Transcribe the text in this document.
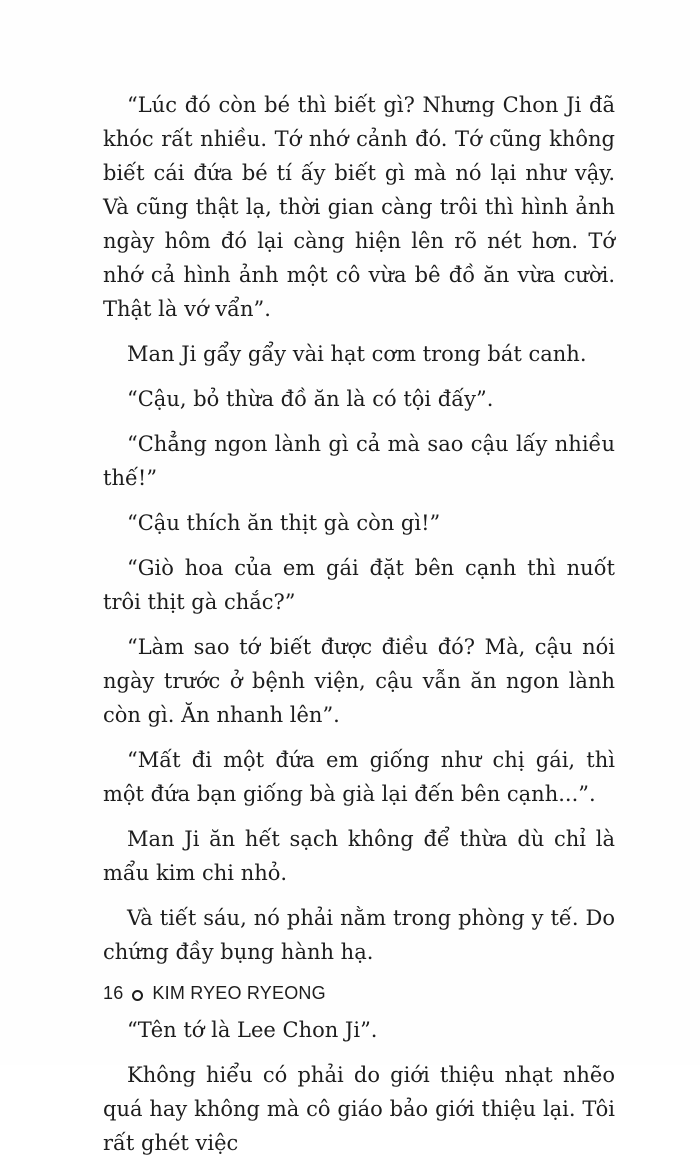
“Lúc đó còn bé thì biết gì? Nhưng Chon Ji đã khóc rất nhiều. Tớ nhớ cảnh đó. Tớ cũng không biết cái đứa bé tí ấy biết gì mà nó lại như vậy. Và cũng thật lạ, thời gian càng trôi thì hình ảnh ngày hôm đó lại càng hiện lên rõ nét hơn. Tớ nhớ cả hình ảnh một cô vừa bê đồ ăn vừa cười. Thật là vớ vẩn”.

Man Ji gẩy gẩy vài hạt cơm trong bát canh.

“Cậu, bỏ thừa đồ ăn là có tội đấy”.

“Chẳng ngon lành gì cả mà sao cậu lấy nhiều thế!”

“Cậu thích ăn thịt gà còn gì!”

“Giò hoa của em gái đặt bên cạnh thì nuốt trôi thịt gà chắc?”

“Làm sao tớ biết được điều đó? Mà, cậu nói ngày trước ở bệnh viện, cậu vẫn ăn ngon lành còn gì. Ăn nhanh lên”.

“Mất đi một đứa em giống như chị gái, thì một đứa bạn giống bà già lại đến bên cạnh...”.

Man Ji ăn hết sạch không để thừa dù chỉ là mẩu kim chi nhỏ.

Và tiết sáu, nó phải nằm trong phòng y tế. Do chứng đầy bụng hành hạ.

“Tên tớ là Lee Chon Ji”.

Không hiểu có phải do giới thiệu nhạt nhẽo quá hay không mà cô giáo bảo giới thiệu lại. Tôi rất ghét việc

16 KIM RYEO RYEONG
